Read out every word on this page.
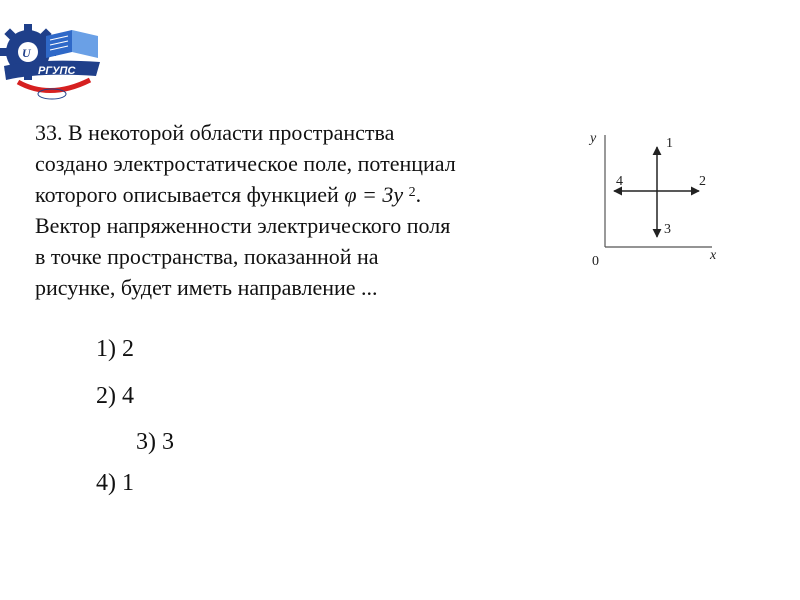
U
РГУПС

33. В некоторой области пространства
создано электростатическое поле, потенциал
которого описывается функцией φ = 3y $^2$.
Вектор напряженности электрического поля
в точке пространства, показанной на
рисунке, будет иметь направление ...

y
x
0
1
2
3
4
1) 2
2) 4
3) 3
4) 1
